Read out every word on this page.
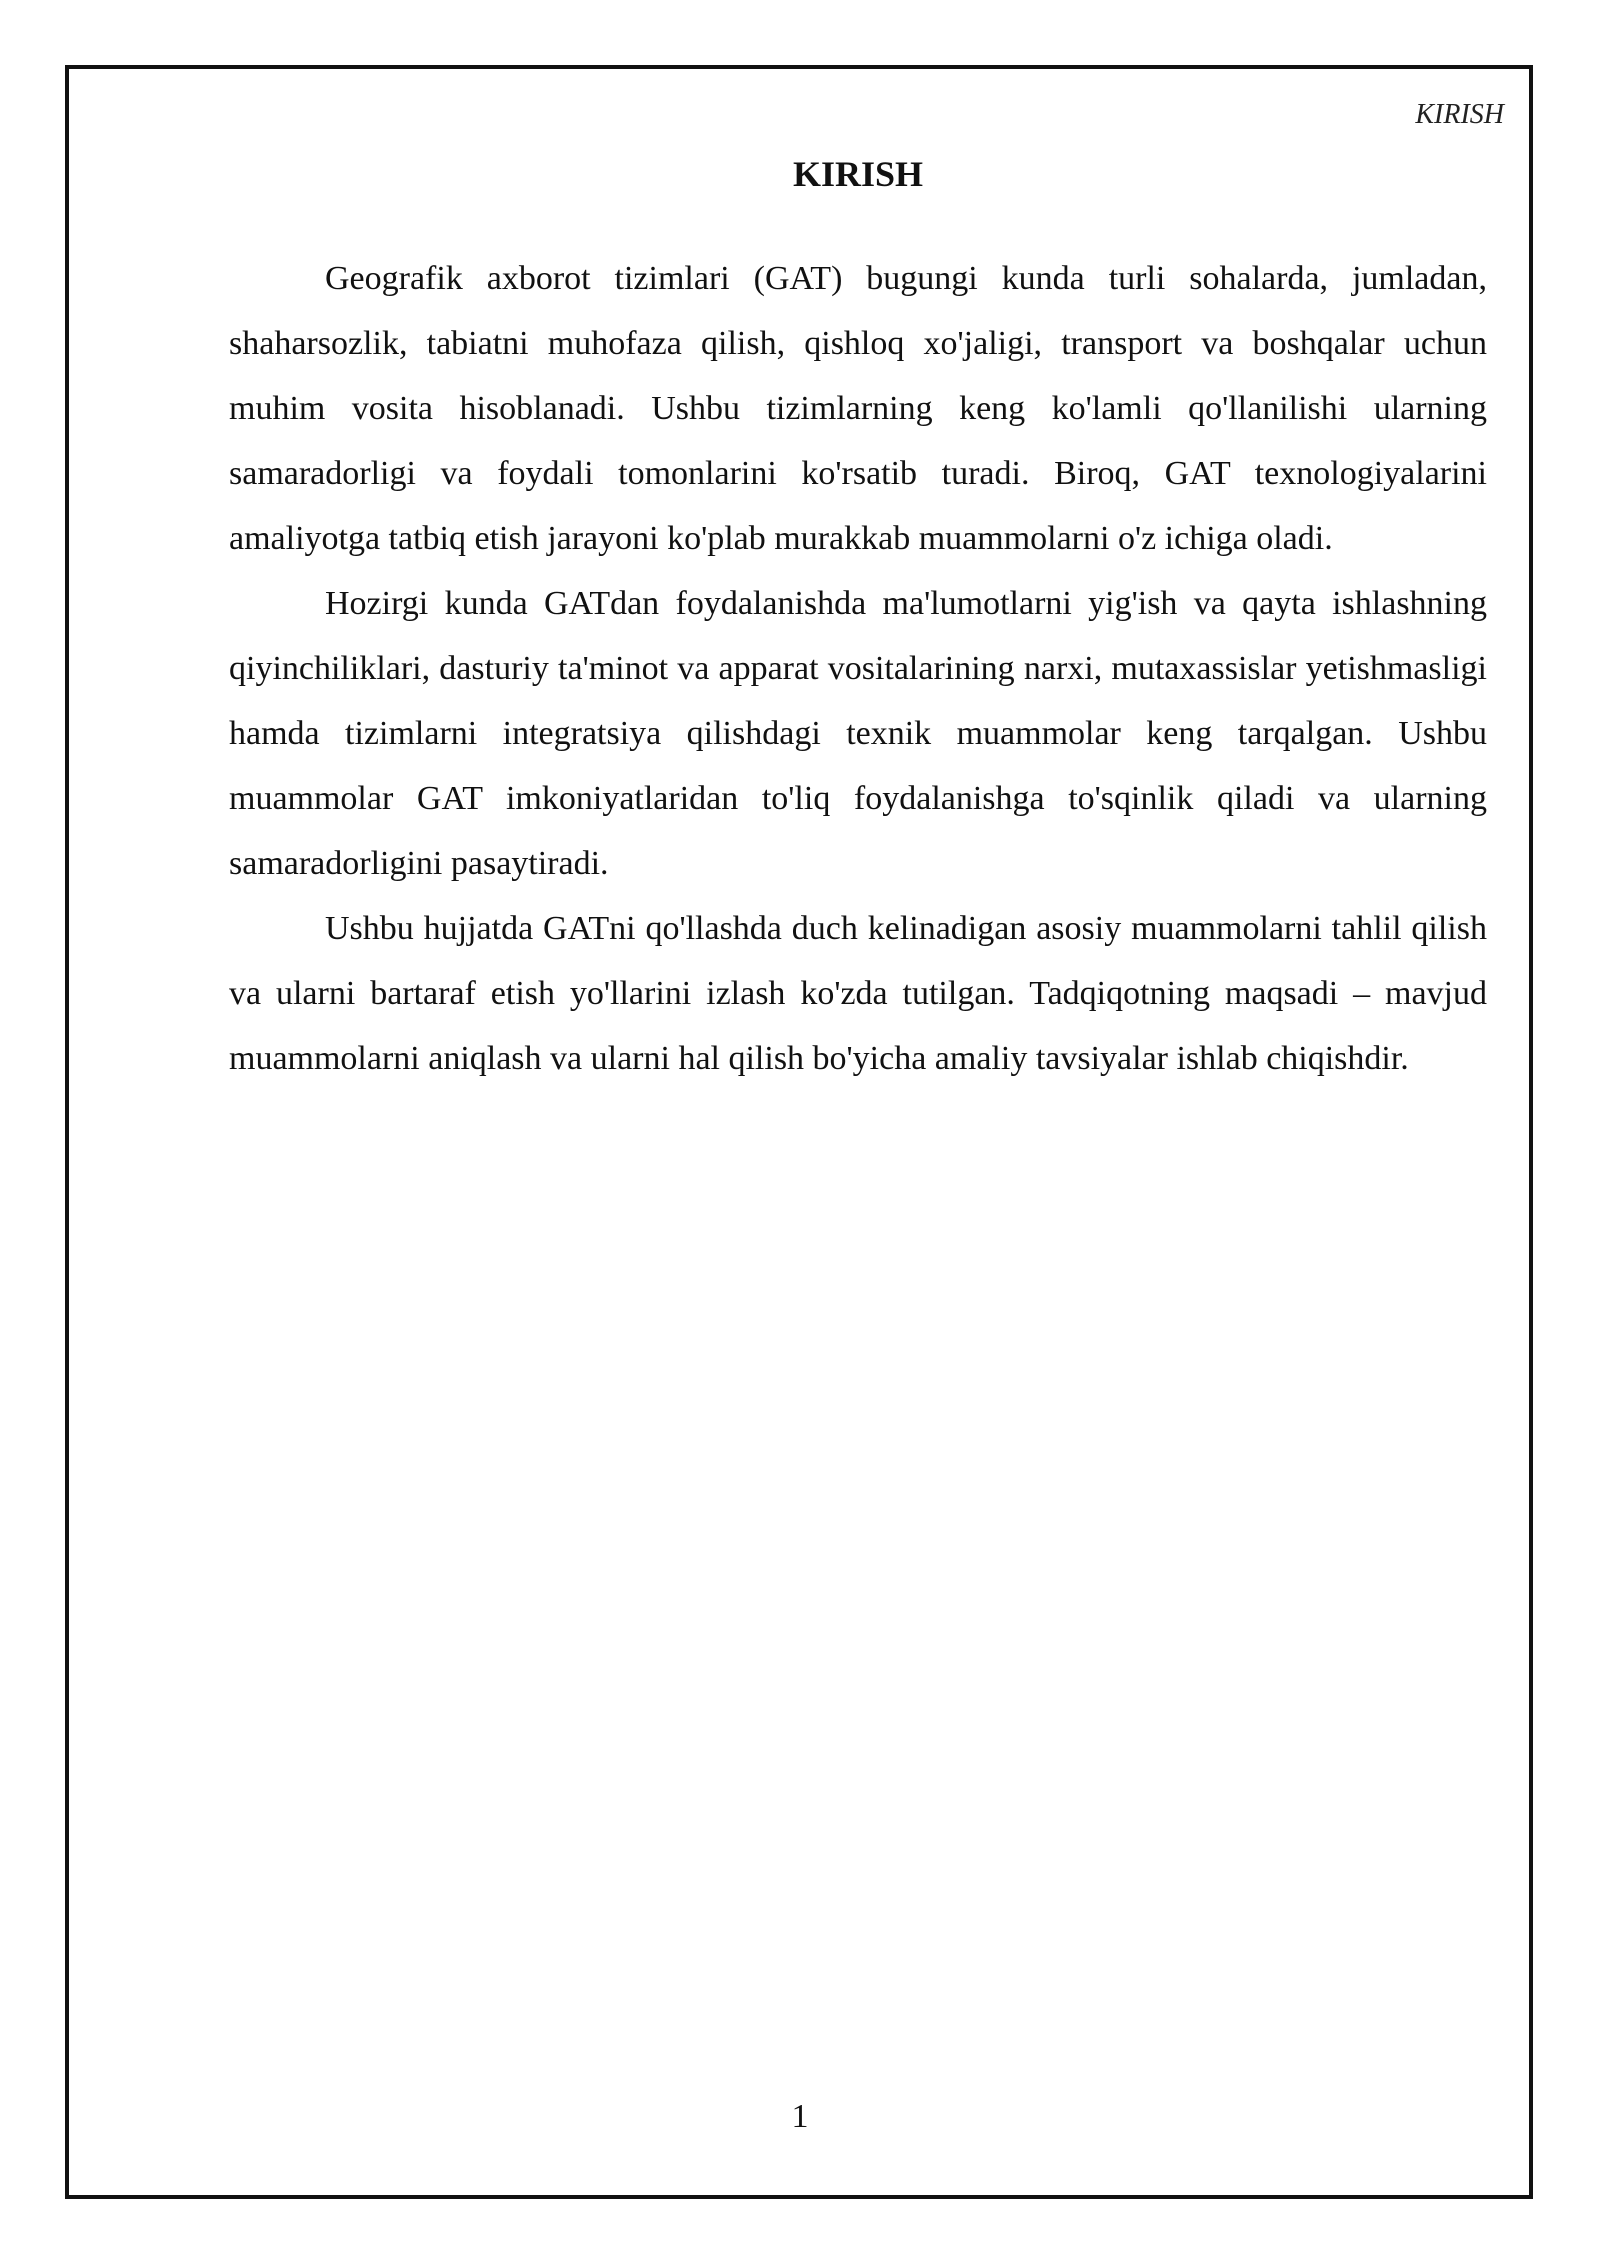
KIRISH
KIRISH

Geografik axborot tizimlari (GAT) bugungi kunda turli sohalarda, jumladan, shaharsozlik, tabiatni muhofaza qilish, qishloq xo'jaligi, transport va boshqalar uchun muhim vosita hisoblanadi. Ushbu tizimlarning keng ko'lamli qo'llanilishi ularning samaradorligi va foydali tomonlarini ko'rsatib turadi. Biroq, GAT texnologiyalarini amaliyotga tatbiq etish jarayoni ko'plab murakkab muammolarni o'z ichiga oladi.

Hozirgi kunda GATdan foydalanishda ma'lumotlarni yig'ish va qayta ishlashning qiyinchiliklari, dasturiy ta'minot va apparat vositalarining narxi, mutaxassislar yetishmasligi hamda tizimlarni integratsiya qilishdagi texnik muammolar keng tarqalgan. Ushbu muammolar GAT imkoniyatlaridan to'liq foydalanishga to'sqinlik qiladi va ularning samaradorligini pasaytiradi.

Ushbu hujjatda GATni qo'llashda duch kelinadigan asosiy muammolarni tahlil qilish va ularni bartaraf etish yo'llarini izlash ko'zda tutilgan. Tadqiqotning maqsadi – mavjud muammolarni aniqlash va ularni hal qilish bo'yicha amaliy tavsiyalar ishlab chiqishdir.

1
